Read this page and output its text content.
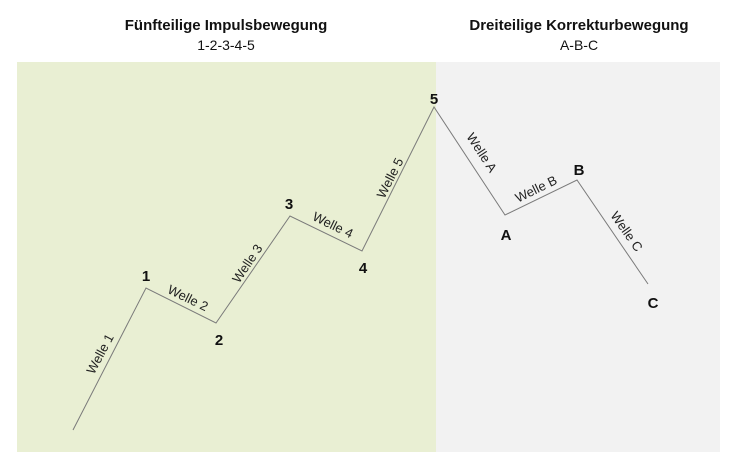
Fünfteilige Impulsbewegung
1-2-3-4-5
Dreiteilige Korrekturbewegung
A-B-C
Welle 1
Welle 2
Welle 3
Welle 4
Welle 5
Welle A
Welle B
Welle C
1
2
3
4
5
A
B
C
